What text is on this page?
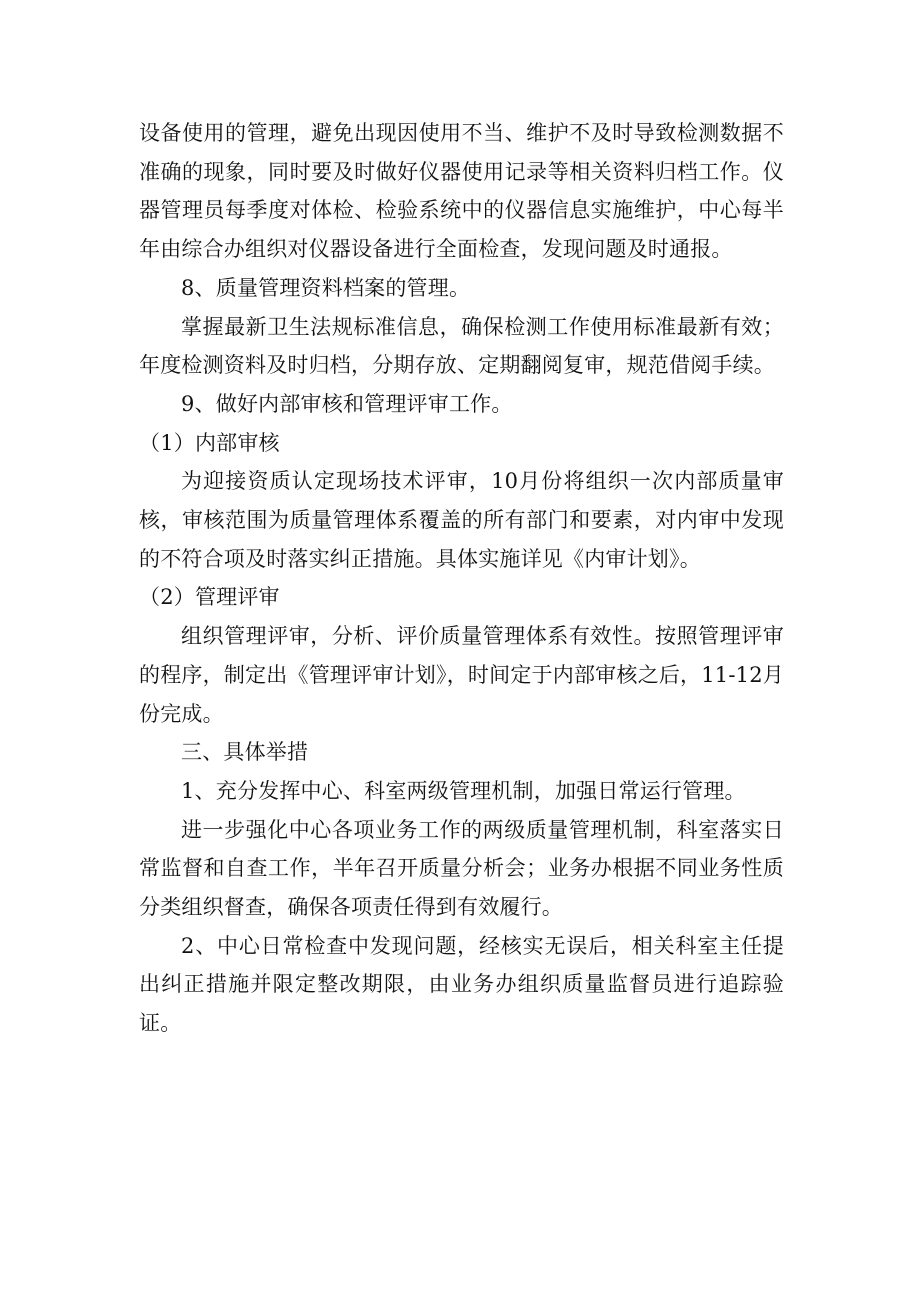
设备使用的管理，避免出现因使用不当、维护不及时导致检测数据不准确的现象，同时要及时做好仪器使用记录等相关资料归档工作。仪器管理员每季度对体检、检验系统中的仪器信息实施维护，中心每半年由综合办组织对仪器设备进行全面检查，发现问题及时通报。

8、质量管理资料档案的管理。

掌握最新卫生法规标准信息，确保检测工作使用标准最新有效；年度检测资料及时归档，分期存放、定期翻阅复审，规范借阅手续。

9、做好内部审核和管理评审工作。

（1）内部审核

为迎接资质认定现场技术评审，10月份将组织一次内部质量审核，审核范围为质量管理体系覆盖的所有部门和要素，对内审中发现的不符合项及时落实纠正措施。具体实施详见《内审计划》。

（2）管理评审

组织管理评审，分析、评价质量管理体系有效性。按照管理评审的程序，制定出《管理评审计划》，时间定于内部审核之后，11-12月份完成。

三、具体举措

1、充分发挥中心、科室两级管理机制，加强日常运行管理。

进一步强化中心各项业务工作的两级质量管理机制，科室落实日常监督和自查工作，半年召开质量分析会；业务办根据不同业务性质分类组织督查，确保各项责任得到有效履行。

2、中心日常检查中发现问题，经核实无误后，相关科室主任提出纠正措施并限定整改期限，由业务办组织质量监督员进行追踪验证。
